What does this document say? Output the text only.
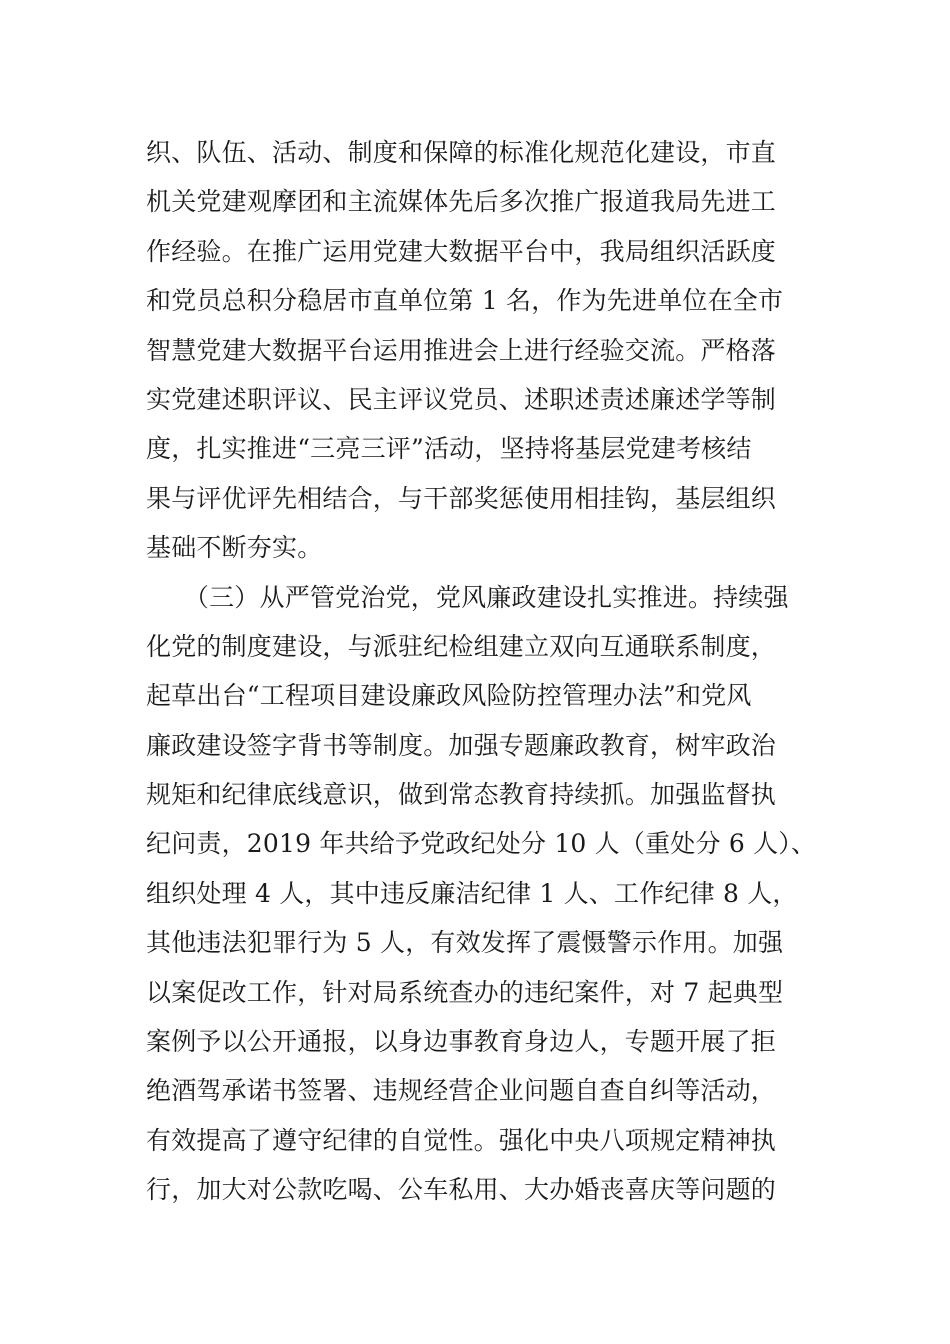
织、队伍、活动、制度和保障的标准化规范化建设，市直
机关党建观摩团和主流媒体先后多次推广报道我局先进工
作经验。在推广运用党建大数据平台中，我局组织活跃度
和党员总积分稳居市直单位第 1 名，作为先进单位在全市
智慧党建大数据平台运用推进会上进行经验交流。严格落
实党建述职评议、民主评议党员、述职述责述廉述学等制
度，扎实推进“三亮三评”活动，坚持将基层党建考核结
果与评优评先相结合，与干部奖惩使用相挂钩，基层组织
基础不断夯实。
　　（三）从严管党治党，党风廉政建设扎实推进。持续强
化党的制度建设，与派驻纪检组建立双向互通联系制度，
起草出台“工程项目建设廉政风险防控管理办法”和党风
廉政建设签字背书等制度。加强专题廉政教育，树牢政治
规矩和纪律底线意识，做到常态教育持续抓。加强监督执
纪问责，2019 年共给予党政纪处分 10 人（重处分 6 人）、
组织处理 4 人，其中违反廉洁纪律 1 人、工作纪律 8 人，
其他违法犯罪行为 5 人，有效发挥了震慑警示作用。加强
以案促改工作，针对局系统查办的违纪案件，对 7 起典型
案例予以公开通报，以身边事教育身边人，专题开展了拒
绝酒驾承诺书签署、违规经营企业问题自查自纠等活动，
有效提高了遵守纪律的自觉性。强化中央八项规定精神执
行，加大对公款吃喝、公车私用、大办婚丧喜庆等问题的
